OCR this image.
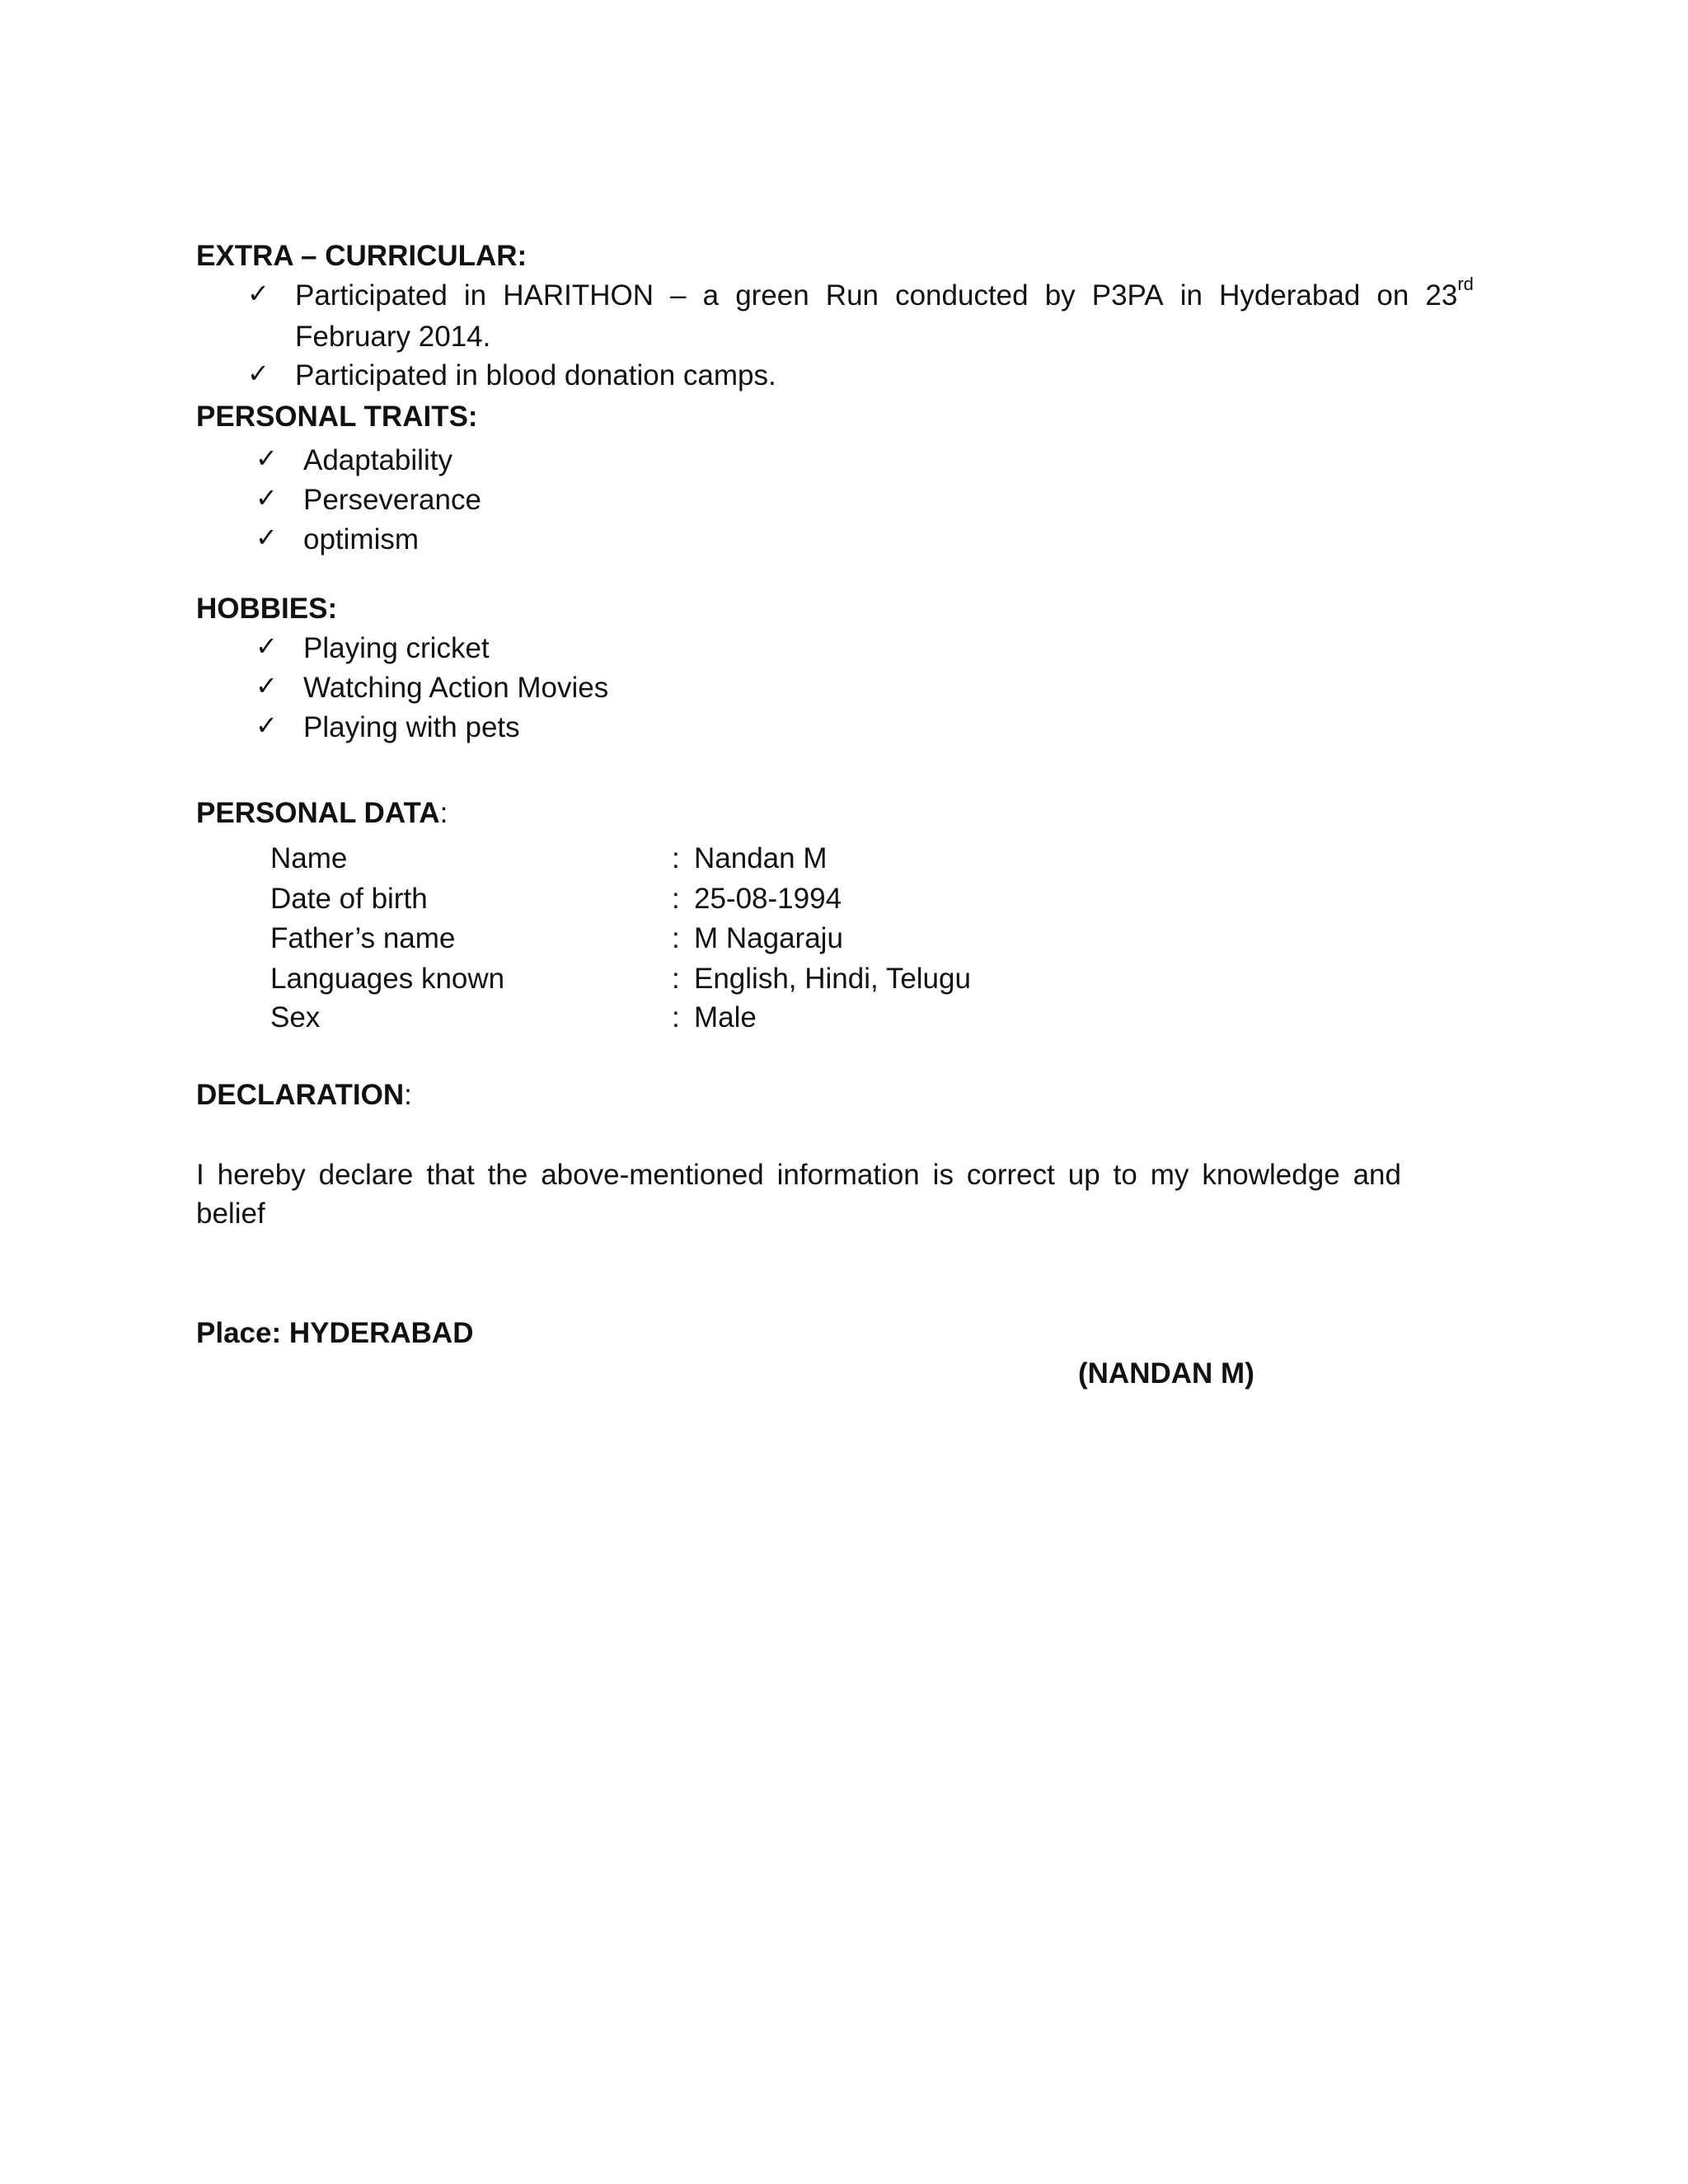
EXTRA – CURRICULAR:
✓ Participated in HARITHON – a green Run conducted by P3PA in Hyderabad on 23rd
February 2014.
✓ Participated in blood donation camps.
PERSONAL TRAITS:
✓ Adaptability
✓ Perseverance
✓ optimism
HOBBIES:
✓ Playing cricket
✓ Watching Action Movies
✓ Playing with pets
PERSONAL DATA:
Name	: Nandan M
Date of birth	: 25-08-1994
Father’s name	: M Nagaraju
Languages known	: English, Hindi, Telugu
Sex	: Male
DECLARATION:
I hereby declare that the above-mentioned information is correct up to my knowledge and
belief
Place: HYDERABAD
(NANDAN M)
